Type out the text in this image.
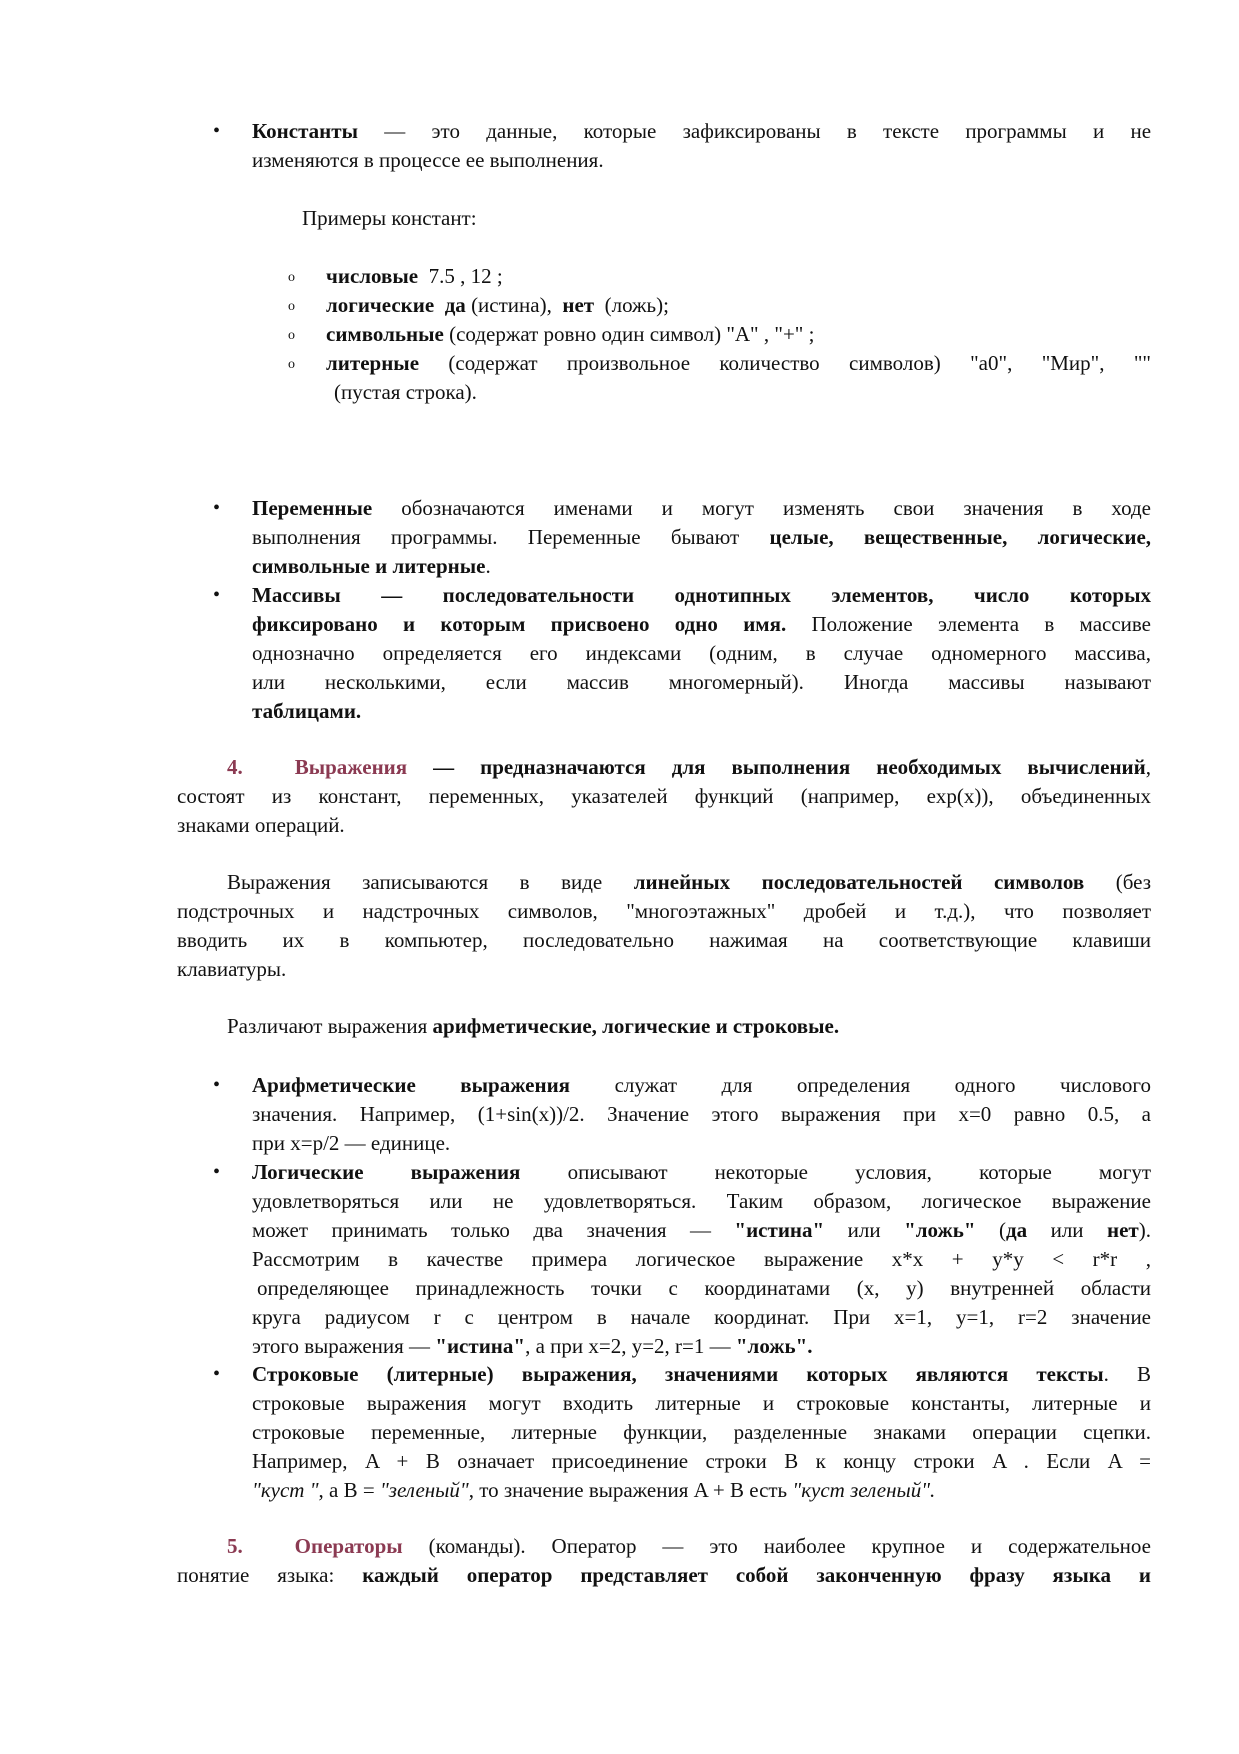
• Константы — это данные, которые зафиксированы в тексте программы и не
изменяются в процессе ее выполнения.
Примеры констант:
o числовые 7.5 , 12 ;
o логические да (истина), нет (ложь);
o символьные (содержат ровно один символ) "A" , "+" ;
o литерные (содержат произвольное количество символов) "a0", "Мир", ""
(пустая строка).
• Переменные обозначаются именами и могут изменять свои значения в ходе
выполнения программы. Переменные бывают целые, вещественные, логические,
символьные и литерные.
• Массивы — последовательности однотипных элементов, число которых
фиксировано и которым присвоено одно имя. Положение элемента в массиве
однозначно определяется его индексами (одним, в случае одномерного массива,
или несколькими, если массив многомерный). Иногда массивы называют
таблицами.
4. Выражения — предназначаются для выполнения необходимых вычислений,
состоят из констант, переменных, указателей функций (например, exp(x)), объединенных
знаками операций.
Выражения записываются в виде линейных последовательностей символов (без
подстрочных и надстрочных символов, "многоэтажных" дробей и т.д.), что позволяет
вводить их в компьютер, последовательно нажимая на соответствующие клавиши
клавиатуры.
Различают выражения арифметические, логические и строковые.
• Арифметические выражения служат для определения одного числового
значения. Например, (1+sin(x))/2. Значение этого выражения при x=0 равно 0.5, а
при x=p/2 — единице.
• Логические выражения описывают некоторые условия, которые могут
удовлетворяться или не удовлетворяться. Таким образом, логическое выражение
может принимать только два значения — "истина" или "ложь" (да или нет).
Рассмотрим в качестве примера логическое выражение x*x + y*y < r*r ,
определяющее принадлежность точки с координатами (x, y) внутренней области
круга радиусом r с центром в начале координат. При x=1, y=1, r=2 значение
этого выражения — "истина", а при x=2, y=2, r=1 — "ложь".
• Строковые (литерные) выражения, значениями которых являются тексты. В
строковые выражения могут входить литерные и строковые константы, литерные и
строковые переменные, литерные функции, разделенные знаками операции сцепки.
Например, A + B означает присоединение строки B к концу строки A . Если A =
"куст ", а B = "зеленый", то значение выражения A + B есть "куст зеленый".
5. Операторы (команды). Оператор — это наиболее крупное и содержательное
понятие языка: каждый оператор представляет собой законченную фразу языка и
